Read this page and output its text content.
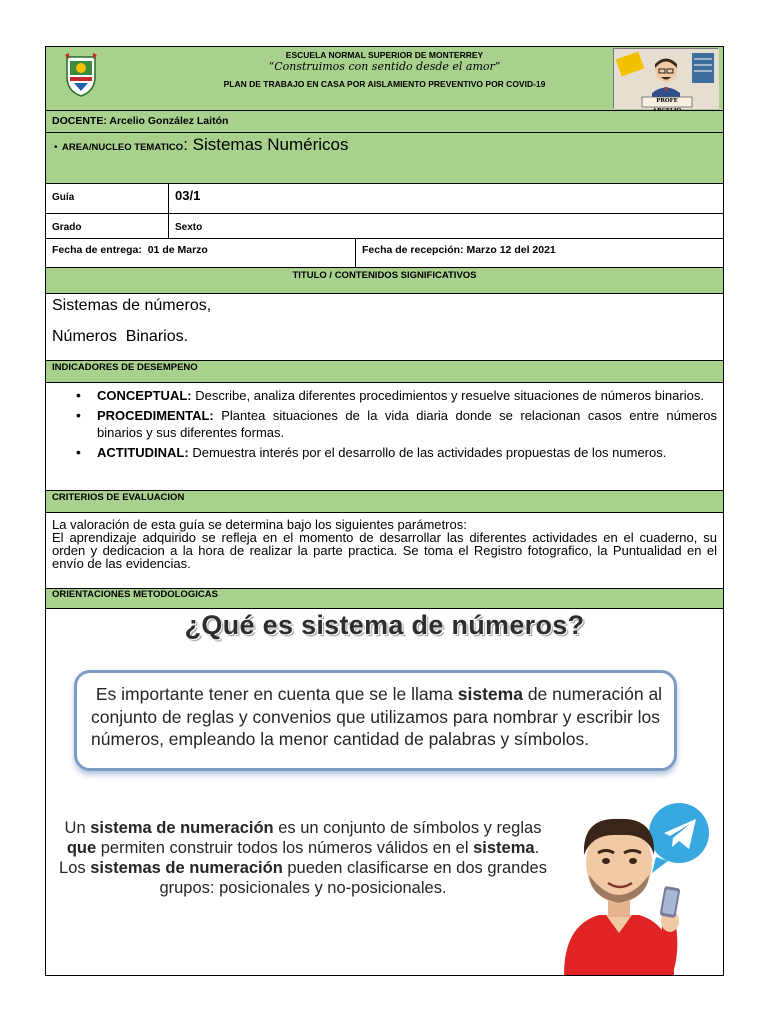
ESCUELA NORMAL SUPERIOR DE MONTERREY
“Construimos con sentido desde el amor”
PLAN DE TRABAJO EN CASA POR AISLAMIENTO PREVENTIVO POR COVID-19
PROFE
DOCENTE: Arcelio González Laitón
• AREA/NUCLEO TEMATICO: Sistemas Numéricos
Guía	03/1
Grado	Sexto
Fecha de entrega: 01 de Marzo	Fecha de recepción: Marzo 12 del 2021
TITULO / CONTENIDOS SIGNIFICATIVOS
Sistemas de números,
Números  Binarios.
INDICADORES DE DESEMPENO
• CONCEPTUAL: Describe, analiza diferentes procedimientos y resuelve situaciones de números binarios.
• PROCEDIMENTAL: Plantea situaciones de la vida diaria donde se relacionan casos entre números binarios y sus diferentes formas.
• ACTITUDINAL: Demuestra interés por el desarrollo de las actividades propuestas de los numeros.
CRITERIOS DE EVALUACION
La valoración de esta guía se determina bajo los siguientes parámetros:
El aprendizaje adquirido se refleja en el momento de desarrollar las diferentes actividades en el cuaderno, su orden y dedicacion a la hora de realizar la parte practica. Se toma el Registro fotografico, la Puntualidad en el envío de las evidencias.
ORIENTACIONES METODOLOGICAS
¿Qué es sistema de números?

Es importante tener en cuenta que se le llama sistema de numeración al conjunto de reglas y convenios que utilizamos para nombrar y escribir los números, empleando la menor cantidad de palabras y símbolos.

Un sistema de numeración es un conjunto de símbolos y reglas que permiten construir todos los números válidos en el sistema.  Los sistemas de numeración pueden clasificarse en dos grandes grupos: posicionales y no-posicionales.
